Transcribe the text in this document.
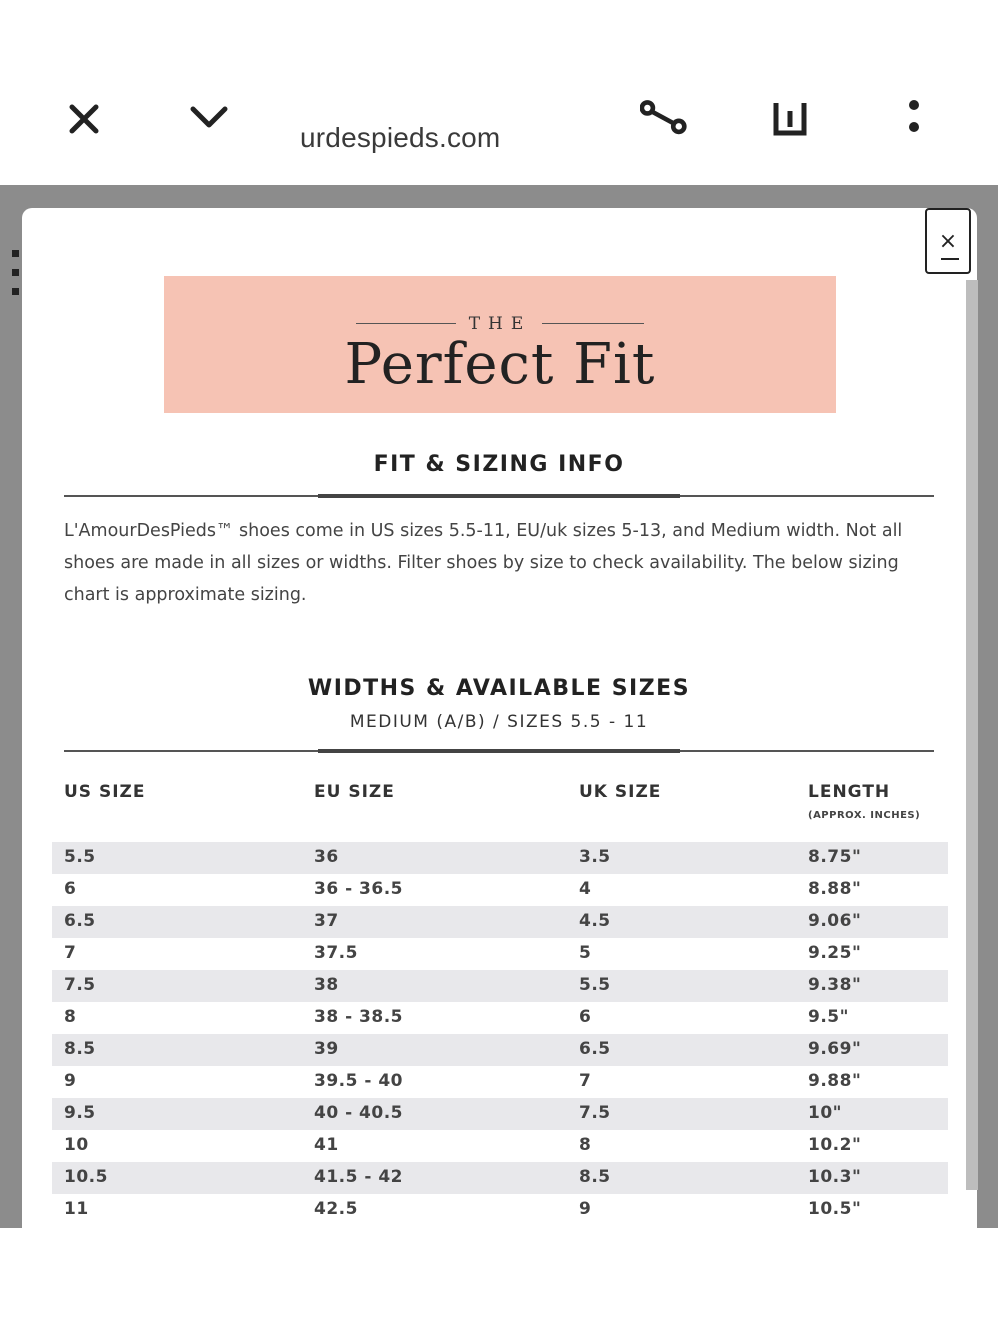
urdespieds.com
×
THE
Perfect Fit
FIT & SIZING INFO
L'AmourDesPieds™ shoes come in US sizes 5.5-11, EU/uk sizes 5-13, and Medium width. Not all shoes are made in all sizes or widths. Filter shoes by size to check availability. The below sizing chart is approximate sizing.
WIDTHS & AVAILABLE SIZES
MEDIUM (A/B) / SIZES 5.5 - 11
US SIZE	EU SIZE	UK SIZE	LENGTH
(APPROX. INCHES)
5.5	36	3.5	8.75"
6	36 - 36.5	4	8.88"
6.5	37	4.5	9.06"
7	37.5	5	9.25"
7.5	38	5.5	9.38"
8	38 - 38.5	6	9.5"
8.5	39	6.5	9.69"
9	39.5 - 40	7	9.88"
9.5	40 - 40.5	7.5	10"
10	41	8	10.2"
10.5	41.5 - 42	8.5	10.3"
11	42.5	9	10.5"
